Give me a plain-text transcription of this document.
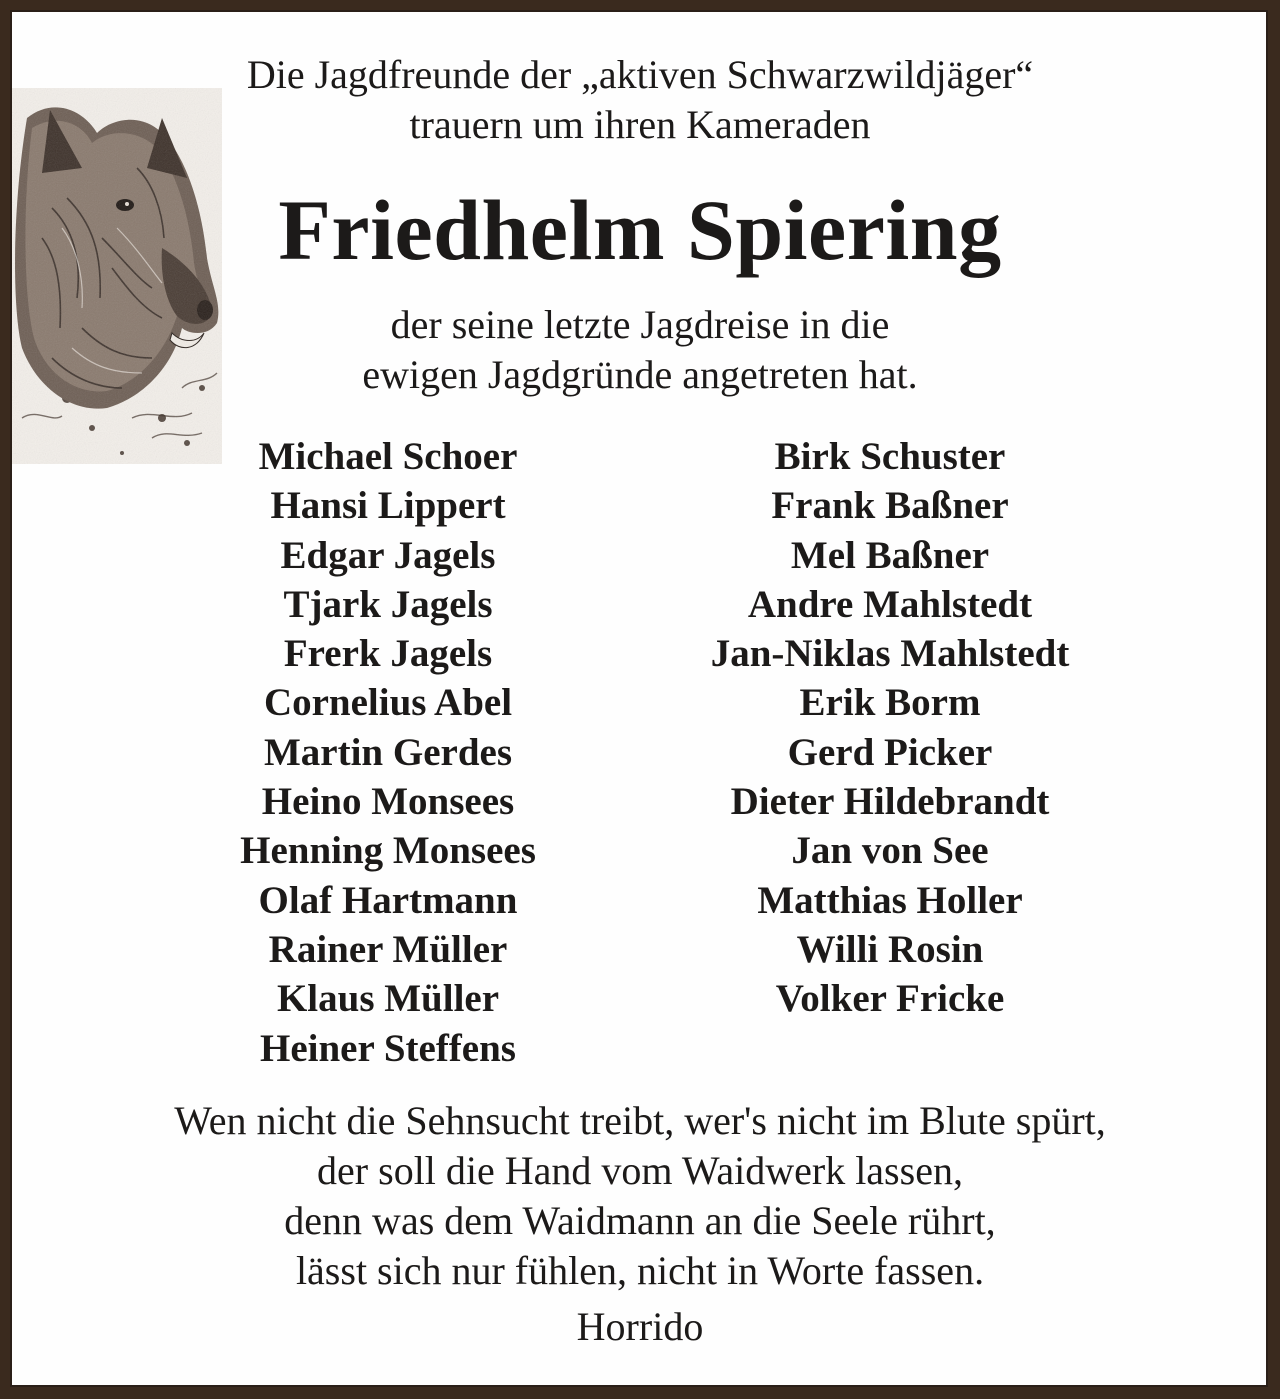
Die Jagdfreunde der „aktiven Schwarzwildjäger“
trauern um ihren Kameraden
Friedhelm Spiering
der seine letzte Jagdreise in die
ewigen Jagdgründe angetreten hat.
Michael Schoer
Hansi Lippert
Edgar Jagels
Tjark Jagels
Frerk Jagels
Cornelius Abel
Martin Gerdes
Heino Monsees
Henning Monsees
Olaf Hartmann
Rainer Müller
Klaus Müller
Heiner Steffens
Birk Schuster
Frank Baßner
Mel Baßner
Andre Mahlstedt
Jan-Niklas Mahlstedt
Erik Borm
Gerd Picker
Dieter Hildebrandt
Jan von See
Matthias Holler
Willi Rosin
Volker Fricke
Wen nicht die Sehnsucht treibt, wer's nicht im Blute spürt,
der soll die Hand vom Waidwerk lassen,
denn was dem Waidmann an die Seele rührt,
lässt sich nur fühlen, nicht in Worte fassen.
Horrido
